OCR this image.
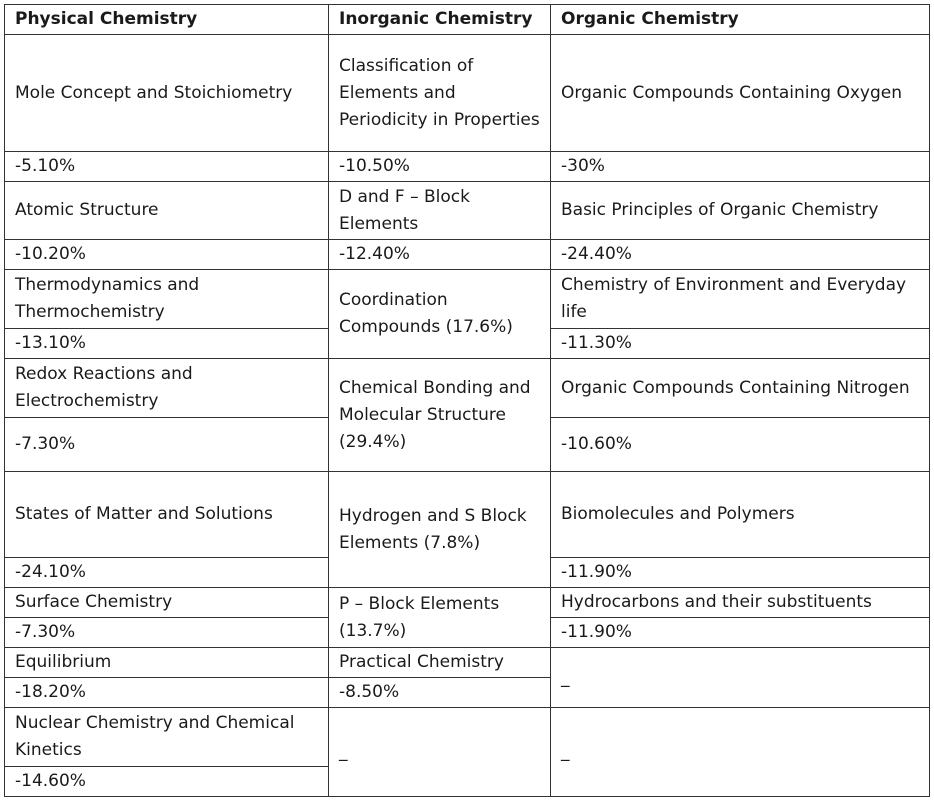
Physical Chemistry	Inorganic Chemistry	Organic Chemistry
Mole Concept and Stoichiometry	Classification of Elements and Periodicity in Properties	Organic Compounds Containing Oxygen
-5.10%	-10.50%	-30%
Atomic Structure	D and F – Block Elements	Basic Principles of Organic Chemistry
-10.20%	-12.40%	-24.40%
Thermodynamics and Thermochemistry	Coordination Compounds (17.6%)	Chemistry of Environment and Everyday life
-13.10%		-11.30%
Redox Reactions and Electrochemistry	Chemical Bonding and Molecular Structure (29.4%)	Organic Compounds Containing Nitrogen
-7.30%		-10.60%
States of Matter and Solutions	Hydrogen and S Block Elements (7.8%)	Biomolecules and Polymers
-24.10%		-11.90%
Surface Chemistry	P – Block Elements (13.7%)	Hydrocarbons and their substituents
-7.30%		-11.90%
Equilibrium	Practical Chemistry	_
-18.20%	-8.50%	
Nuclear Chemistry and Chemical Kinetics	_	_
-14.60%		
